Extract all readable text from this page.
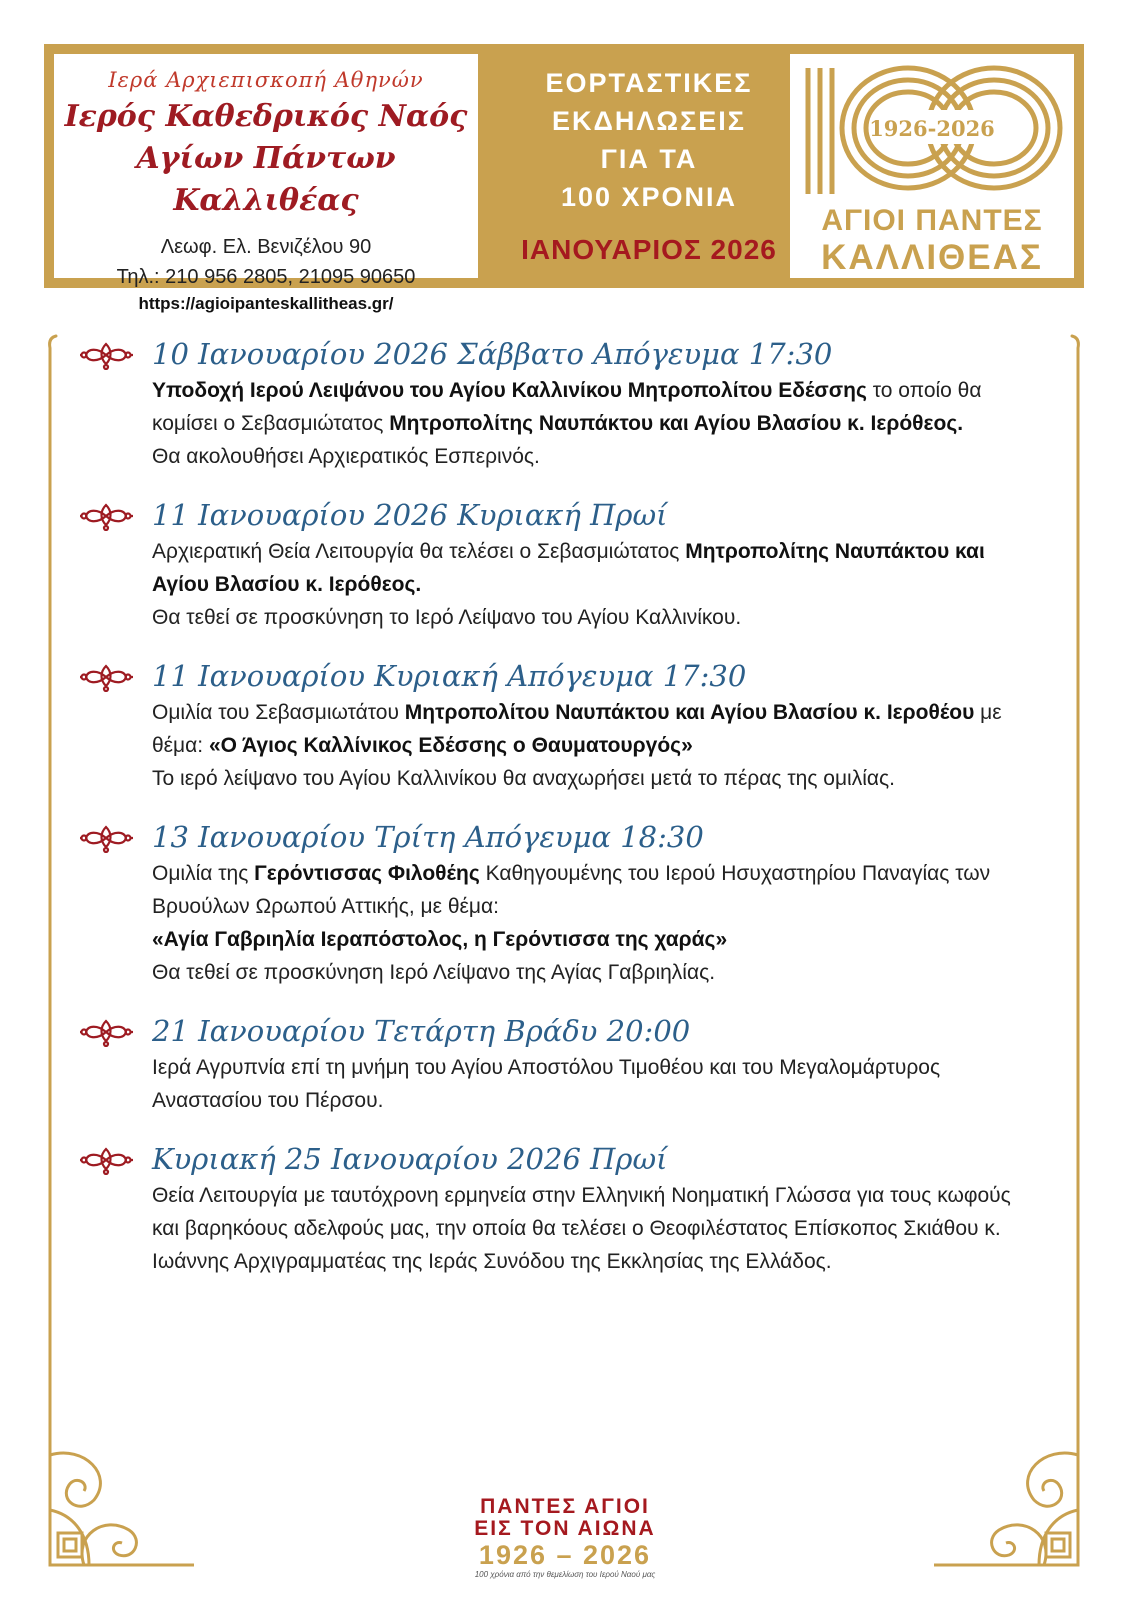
Ιερά Αρχιεπισκοπή Αθηνών
Ιερός Καθεδρικός Ναός
Αγίων Πάντων Καλλιθέας
Λεωφ. Ελ. Βενιζέλου 90
Τηλ.: 210 956 2805, 21095 90650
https://agioipanteskallitheas.gr/
ΕΟΡΤΑΣΤΙΚΕΣ
ΕΚΔΗΛΩΣΕΙΣ
ΓΙΑ ΤΑ
100 ΧΡΟΝΙΑ
ΙΑΝΟΥΑΡΙΟΣ 2026
1926-2026
ΑΓΙΟΙ ΠΑΝΤΕΣ
ΚΑΛΛΙΘΕΑΣ
10 Ιανουαρίου 2026 Σάββατο Απόγευμα 17:30

Υποδοχή Ιερού Λειψάνου του Αγίου Καλλινίκου Μητροπολίτου Εδέσσης το οποίο θα κομίσει ο Σεβασμιώτατος Μητροπολίτης Ναυπάκτου και Αγίου Βλασίου κ. Ιερόθεος.

Θα ακολουθήσει Αρχιερατικός Εσπερινός.

11 Ιανουαρίου 2026 Κυριακή Πρωί

Αρχιερατική Θεία Λειτουργία θα τελέσει ο Σεβασμιώτατος Μητροπολίτης Ναυπάκτου και Αγίου Βλασίου κ. Ιερόθεος.

Θα τεθεί σε προσκύνηση το Ιερό Λείψανο του Αγίου Καλλινίκου.

11 Ιανουαρίου Κυριακή Απόγευμα 17:30

Ομιλία του Σεβασμιωτάτου Μητροπολίτου Ναυπάκτου και Αγίου Βλασίου κ. Ιεροθέου με θέμα: «Ο Άγιος Καλλίνικος Εδέσσης ο Θαυματουργός»

Το ιερό λείψανο του Αγίου Καλλινίκου θα αναχωρήσει μετά το πέρας της ομιλίας.

13 Ιανουαρίου Τρίτη Απόγευμα 18:30

Ομιλία της Γερόντισσας Φιλοθέης Καθηγουμένης του Ιερού Ησυχαστηρίου Παναγίας των Βρυούλων Ωρωπού Αττικής, με θέμα:

«Αγία Γαβριηλία Ιεραπόστολος, η Γερόντισσα της χαράς»

Θα τεθεί σε προσκύνηση Ιερό Λείψανο της Αγίας Γαβριηλίας.

21 Ιανουαρίου Τετάρτη Βράδυ 20:00

Ιερά Αγρυπνία επί τη μνήμη του Αγίου Αποστόλου Τιμοθέου και του Μεγαλομάρτυρος Αναστασίου του Πέρσου.

Κυριακή 25 Ιανουαρίου 2026 Πρωί

Θεία Λειτουργία με ταυτόχρονη ερμηνεία στην Ελληνική Νοηματική Γλώσσα για τους κωφούς και βαρηκόους αδελφούς μας, την οποία θα τελέσει ο Θεοφιλέστατος Επίσκοπος Σκιάθου κ. Ιωάννης Αρχιγραμματέας της Ιεράς Συνόδου της Εκκλησίας της Ελλάδος.

ΠΑΝΤΕΣ ΑΓΙΟΙ
ΕΙΣ ΤΟΝ ΑΙΩΝΑ
1926 – 2026
100 χρόνια από την θεμελίωση του Ιερού Ναού μας
